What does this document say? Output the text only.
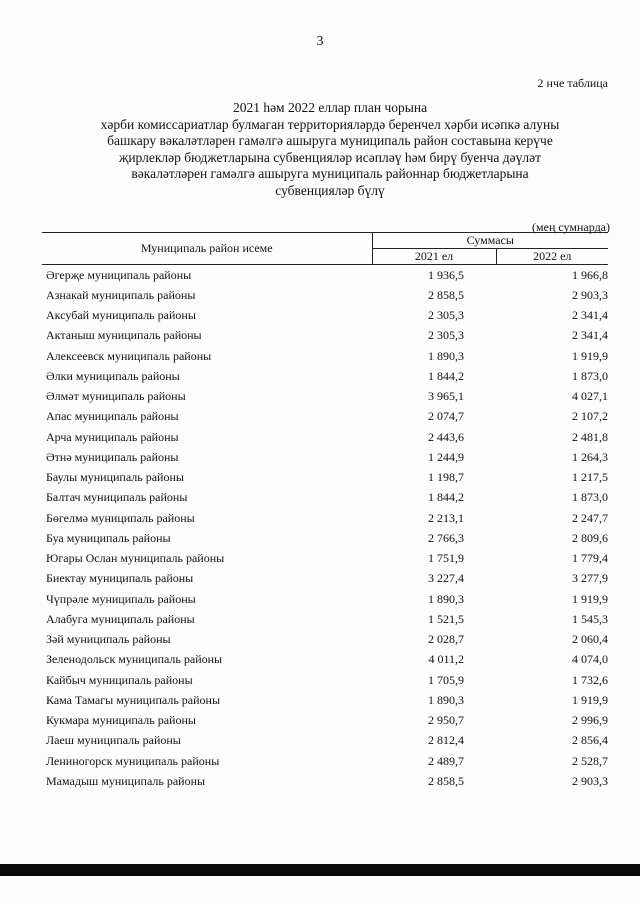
3
2 нче таблица
2021 һәм 2022 еллар план чорына
хәрби комиссариатлар булмаган территорияләрдә беренчел хәрби исәпкә алуны
башкару вәкаләтләрен гамәлгә ашыруга муниципаль район составына керүче
җирлекләр бюджетларына субвенцияләр исәпләү һәм бирү буенча дәүләт
вәкаләтләрен гамәлгә ашыруга муниципаль районнар бюджетларына
субвенцияләр бүлү
(мең сумнарда)
Муниципаль район исеме	Суммасы	
	2021 ел	2022 ел
Әгерҗе муниципаль районы	1 936,5	1 966,8
Азнакай муниципаль районы	2 858,5	2 903,3
Аксубай муниципаль районы	2 305,3	2 341,4
Актаныш муниципаль районы	2 305,3	2 341,4
Алексеевск муниципаль районы	1 890,3	1 919,9
Әлки муниципаль районы	1 844,2	1 873,0
Әлмәт муниципаль районы	3 965,1	4 027,1
Апас муниципаль районы	2 074,7	2 107,2
Арча муниципаль районы	2 443,6	2 481,8
Әтнә муниципаль районы	1 244,9	1 264,3
Баулы муниципаль районы	1 198,7	1 217,5
Балтач муниципаль районы	1 844,2	1 873,0
Бөгелмә муниципаль районы	2 213,1	2 247,7
Буа муниципаль районы	2 766,3	2 809,6
Югары Ослан муниципаль районы	1 751,9	1 779,4
Биектау муниципаль районы	3 227,4	3 277,9
Чүпрәле муниципаль районы	1 890,3	1 919,9
Алабуга муниципаль районы	1 521,5	1 545,3
Зәй муниципаль районы	2 028,7	2 060,4
Зеленодольск муниципаль районы	4 011,2	4 074,0
Кайбыч муниципаль районы	1 705,9	1 732,6
Кама Тамагы муниципаль районы	1 890,3	1 919,9
Кукмара муниципаль районы	2 950,7	2 996,9
Лаеш муниципаль районы	2 812,4	2 856,4
Лениногорск муниципаль районы	2 489,7	2 528,7
Мамадыш муниципаль районы	2 858,5	2 903,3
